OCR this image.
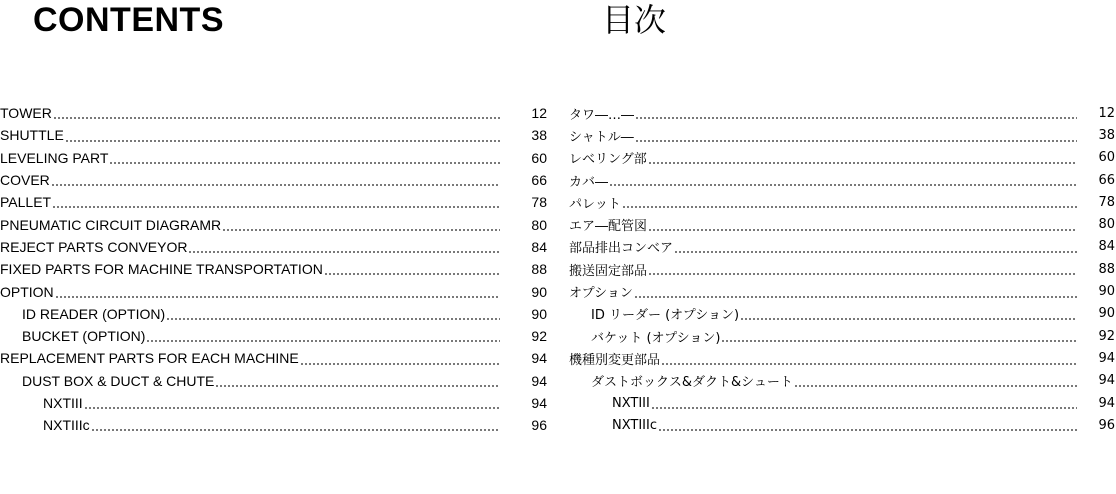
CONTENTS	目次
TOWER	12
SHUTTLE	38
LEVELING PART	60
COVER	66
PALLET	78
PNEUMATIC CIRCUIT DIAGRAMR	80
REJECT PARTS CONVEYOR	84
FIXED PARTS FOR MACHINE TRANSPORTATION	88
OPTION	90
ID READER (OPTION)	90
BUCKET (OPTION)	92
REPLACEMENT PARTS FOR EACH MACHINE	94
DUST BOX & DUCT & CHUTE	94
NXTIII	94
NXTIIIc	96
タワ―…―	12
シャトル―	38
レベリング部	60
カバ―	66
パレット	78
エア―配管図	80
部品排出コンベア	84
搬送固定部品	88
オプション	90
ID リーダー (オプション)	90
バケット (オプション)	92
機種別変更部品	94
ダストボックス&ダクト&シュート	94
NXTIII	94
NXTIIIc	96
